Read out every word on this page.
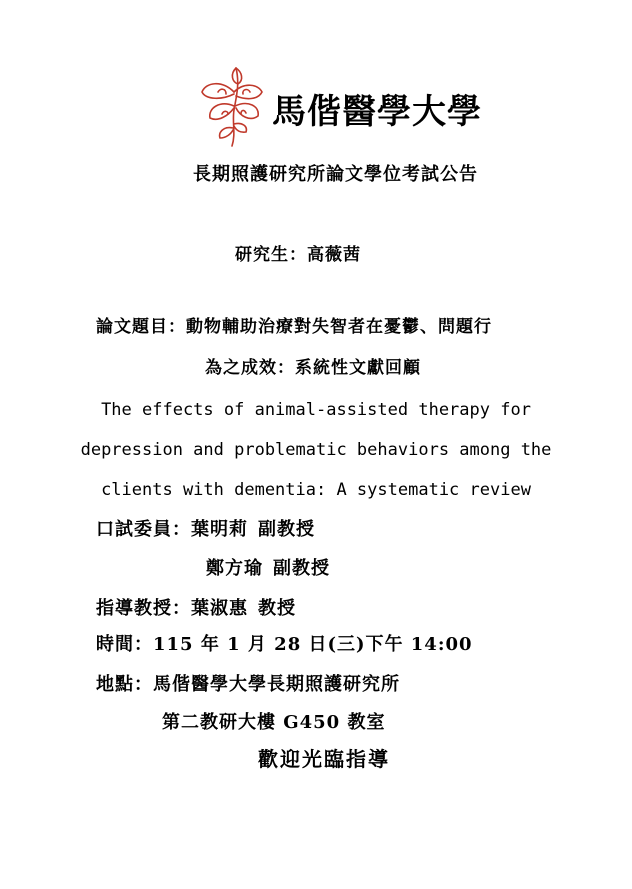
馬偕醫學大學
長期照護研究所論文學位考試公告
研究生：高薇茜
論文題目：動物輔助治療對失智者在憂鬱、問題行
為之成效：系統性文獻回顧
The effects of animal-assisted therapy for
depression and problematic behaviors among the
clients with dementia: A systematic review
口試委員：葉明莉 副教授
鄭方瑜 副教授
指導教授：葉淑惠 教授
時間：115 年 1 月 28 日(三)下午 14:00
地點：馬偕醫學大學長期照護研究所
第二教研大樓 G450 教室
歡迎光臨指導
